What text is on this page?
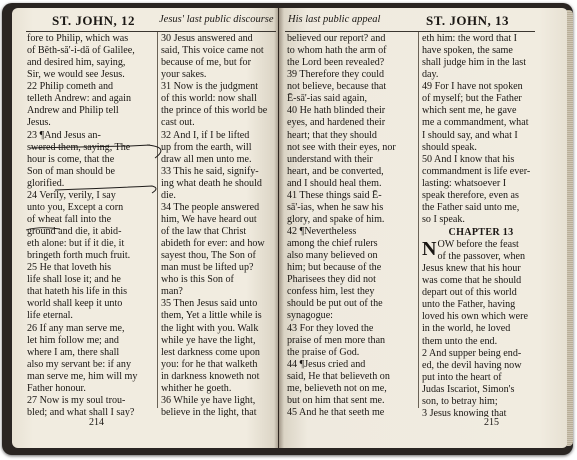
ST. JOHN, 12 Jesus' last public discourse
fore to Philip, which was
of Bĕth-să'-i-dă of Galilee,
and desired him, saying,
Sir, we would see Jesus.
22 Philip cometh and
telleth Andrew: and again
Andrew and Philip tell
Jesus.
23 ¶And Jesus an-
swered them, saying, The
hour is come, that the
Son of man should be
glorified.
24 Verily, verily, I say
unto you, Except a corn
of wheat fall into the
ground and die, it abid-
eth alone: but if it die, it
bringeth forth much fruit.
25 He that loveth his
life shall lose it; and he
that hateth his life in this
world shall keep it unto
life eternal.
26 If any man serve me,
let him follow me; and
where I am, there shall
also my servant be: if any
man serve me, him will my
Father honour.
27 Now is my soul trou-
bled; and what shall I say?
30 Jesus answered and
said, This voice came not
because of me, but for
your sakes.
31 Now is the judgment
of this world: now shall
the prince of this world be
cast out.
32 And I, if I be lifted
up from the earth, will
draw all men unto me.
33 This he said, signify-
ing what death he should
die.
34 The people answered
him, We have heard out
of the law that Christ
abideth for ever: and how
sayest thou, The Son of
man must be lifted up?
who is this Son of
man?
35 Then Jesus said unto
them, Yet a little while is
the light with you. Walk
while ye have the light,
lest darkness come upon
you: for he that walketh
in darkness knoweth not
whither he goeth.
36 While ye have light,
believe in the light, that
214
His last public appeal	ST. JOHN, 13
believed our report? and
to whom hath the arm of
the Lord been revealed?
39 Therefore they could
not believe, because that
Ē-sā'-ias said again,
40 He hath blinded their
eyes, and hardened their
heart; that they should
not see with their eyes, nor
understand with their
heart, and be converted,
and I should heal them.
41 These things said Ē-
sā'-ias, when he saw his
glory, and spake of him.
42 ¶Nevertheless
among the chief rulers
also many believed on
him; but because of the
Pharisees they did not
confess him, lest they
should be put out of the
synagogue:
43 For they loved the
praise of men more than
the praise of God.
44 ¶Jesus cried and
said, He that believeth on
me, believeth not on me,
but on him that sent me.
45 And he that seeth me
eth him: the word that I
have spoken, the same
shall judge him in the last
day.
49 For I have not spoken
of myself; but the Father
which sent me, he gave
me a commandment, what
I should say, and what I
should speak.
50 And I know that his
commandment is life ever-
lasting: whatsoever I
speak therefore, even as
the Father said unto me,
so I speak.
CHAPTER 13
N OW before the feast
of the passover, when
Jesus knew that his hour
was come that he should
depart out of this world
unto the Father, having
loved his own which were
in the world, he loved
them unto the end.
2 And supper being end-
ed, the devil having now
put into the heart of
Judas Iscariot, Simon's
son, to betray him;
3 Jesus knowing that
215
